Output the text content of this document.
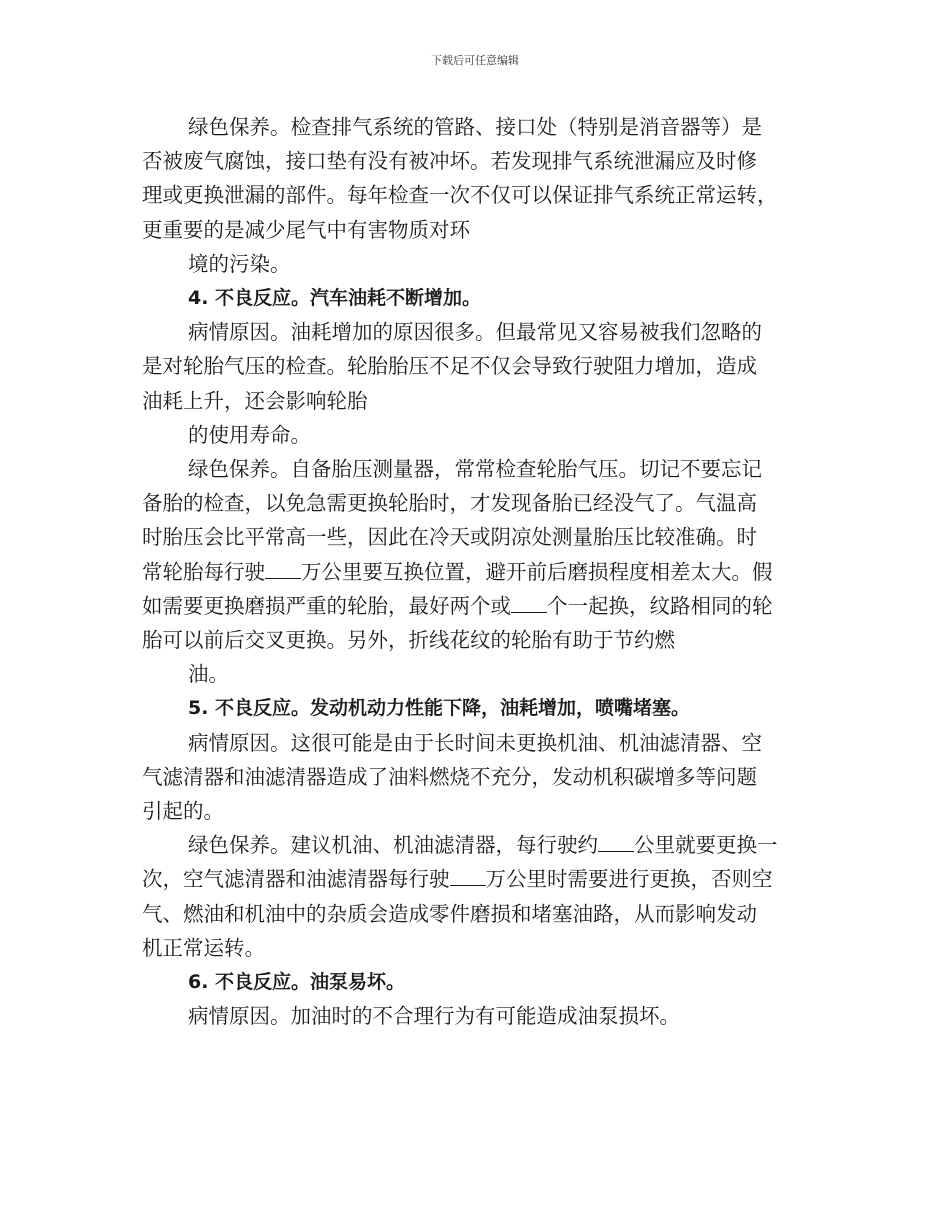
下载后可任意编辑
绿色保养。检查排气系统的管路、接口处（特别是消音器等）是
否被废气腐蚀，接口垫有没有被冲坏。若发现排气系统泄漏应及时修
理或更换泄漏的部件。每年检查一次不仅可以保证排气系统正常运转，
更重要的是减少尾气中有害物质对环
境的污染。
4. 不良反应。汽车油耗不断增加。
病情原因。油耗增加的原因很多。但最常见又容易被我们忽略的
是对轮胎气压的检查。轮胎胎压不足不仅会导致行驶阻力增加，造成
油耗上升，还会影响轮胎
的使用寿命。
绿色保养。自备胎压测量器，常常检查轮胎气压。切记不要忘记
备胎的检查，以免急需更换轮胎时，才发现备胎已经没气了。气温高
时胎压会比平常高一些，因此在冷天或阴凉处测量胎压比较准确。时
常轮胎每行驶 万公里要互换位置，避开前后磨损程度相差太大。假
如需要更换磨损严重的轮胎，最好两个或 个一起换，纹路相同的轮
胎可以前后交叉更换。另外，折线花纹的轮胎有助于节约燃
油。
5. 不良反应。发动机动力性能下降，油耗增加，喷嘴堵塞。
病情原因。这很可能是由于长时间未更换机油、机油滤清器、空
气滤清器和油滤清器造成了油料燃烧不充分，发动机积碳增多等问题
引起的。
绿色保养。建议机油、机油滤清器，每行驶约 公里就要更换一
次，空气滤清器和油滤清器每行驶 万公里时需要进行更换，否则空
气、燃油和机油中的杂质会造成零件磨损和堵塞油路，从而影响发动
机正常运转。
6. 不良反应。油泵易坏。
病情原因。加油时的不合理行为有可能造成油泵损坏。
